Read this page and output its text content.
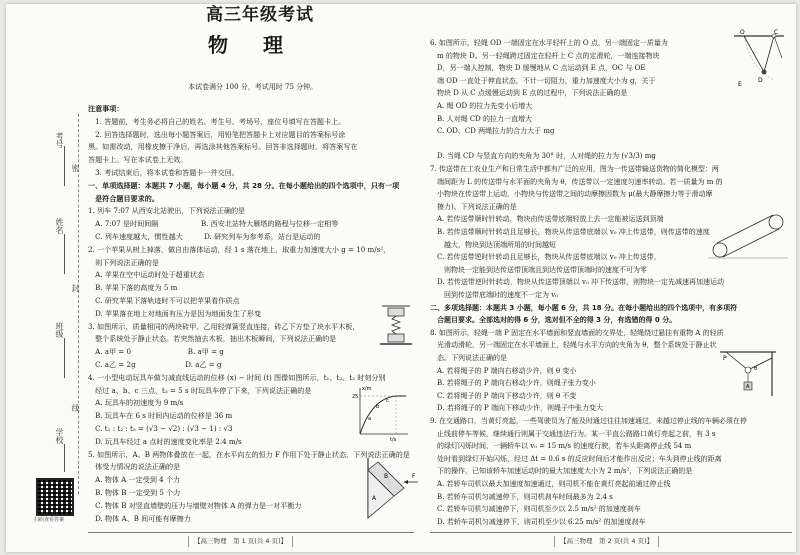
密
封
线
考号
姓名
班级
学校
扫码查看答案
高三年级考试
物 理
本试卷满分 100 分，考试用时 75 分钟。
注意事项：
　1. 答题前，考生务必将自己的姓名、考生号、考场号、座位号填写在答题卡上。
　2. 回答选择题时，选出每小题答案后，用铅笔把答题卡上对应题目的答案标号涂
黑。如需改动，用橡皮擦干净后，再选涂其他答案标号。回答非选择题时，将答案写在
答题卡上。写在本试卷上无效。
　3. 考试结束后，将本试卷和答题卡一并交回。
一、单项选择题：本题共 7 小题，每小题 4 分，共 28 分。在每小题给出的四个选项中，只有一项
　是符合题目要求的。
1. 列车 7:07 从西安北站驶出，下列说法正确的是
　A. 7:07 是时间间隔　　　　　　B. 西安北站特大雁塔的路程与位移一定相等
　C. 列车速度越大，惯性越大　　　D. 研究列车为参考系，站台是运动的
2. 一个苹果从树上掉落，做自由落体运动，经 1 s 落在地上，取重力加速度大小 g = 10 m/s²，
　则下列说法正确的是
　A. 苹果在空中运动时处于超重状态
　B. 苹果下落的高度为 5 m
　C. 研究苹果下落轨迹时不可以把苹果看作质点
　D. 苹果落在地上对地面有压力是因为地面发生了形变
3. 如图所示，质量相同的两块砖甲、乙用轻弹簧竖直连接，砖乙下方垫了块水平木板，
　整个系统处于静止状态。若突然抽去木板，抽出木板瞬间，下列说法正确的是
　A. a甲 = 0　　　　　　　　B. a甲 = g
　C. a乙 = 2g　　　　　　　D. a乙 = g
4. 一小型电动玩具车做匀减直线运动的位移 (x) − 时间 (t) 图像如图所示，t₁、t₂、t₃ 时刻分别
　经过 a、b、c 三点，t₃ = 5 s 时玩具车停了下来，下列说法正确的是
　A. 玩具车的初速度为 9 m/s
　B. 玩具车在 6 s 时间内运动的位移是 36 m
　C. t₁ : t₂ : t₃ = (√3 − √2) : (√3 − 1) : √3
　D. 玩具车经过 a 点时的速度变化率是 2.4 m/s
5. 如图所示，A、B 两物体叠放在一起，在水平向左的恒力 F 作用下处于静止状态，下列说法正确的是
　体受力情况的说法正确的是
　A. 物体 A 一定受到 4 个力
　B. 物体 B 一定受到 5 个力
　C. 物体 B 对竖直墙壁的压力与墙壁对物体 A 的弹力是一对平衡力
　D. 物体 A、B 间可能有摩擦力
t/s
x/m
25
a
b
c
A
B	F
【高三物理　第 1 页(共 4 页)】
6. 如图所示，轻绳 OD 一端固定在水平轻杆上的 O 点，另一端固定一质量为
　m 的物块 D。另一轻绳跨过固定在轻杆上 C 点的定滑轮，一端连接物块
　D，另一端人控制，物块 D 缓慢地从 C 点运动到 E 点，OC 与 OE
　端 OD 一直处于伸直状态，不计一切阻力，重力加速度大小为 g，关于
　物块 D 从 C 点缓慢运动到 E 点的过程中，下列说法正确的是
　A. 绳 OD 的拉力先变小后增大
　B. 人对绳 CD 的拉力一直增大
　C. OD、CD 两绳拉力的合力大于 mg
　D. 当绳 CD 与竖直方向的夹角为 30° 时，人对绳的拉力为 (√3/3) mg
7. 传送带在工农业生产和日常生活中都有广泛的应用，图为一传送带输送货物的简化模型：两
　端间距为 L 的传送带与水平面的夹角为 θ，传送带以一定速度匀速率转动。若一质量为 m 的
　小物块在传送带上运动，小物块与传送带之间的动摩擦因数为 μ(最大静摩擦力等于滑动摩
　擦力)。下列说法正确的是
　A. 若传送带顺时针转动，物块由传送带底端轻放上去一定能被运送到顶端
　B. 若传送带顺时针转动且足够长，物块从传送带底端以 v₀ 冲上传送带，则传送带的速度
　　越大，物块到达顶端所用的时间越短
　C. 若传送带逆时针转动且足够长，物块从传送带底端以 v₀ 冲上传送带，
　　则物块一定能到达传送带顶端且到达传送带顶端时的速度不可为零
　D. 若传送带逆时针转动，物块从传送带顶端以 v₀ 冲下传送带，则物块一定先减速再加速运动
　　回到传送带底端时的速度不一定为 v₀
二、多项选择题：本题共 3 小题，每小题 6 分，共 18 分。在每小题给出的四个选项中，有多项符
　合题目要求。全部选对的得 6 分，选对但不全的得 3 分，有选错的得 0 分。
8. 如图所示，轻绳一端 P 固定在水平墙面和竖直墙面的交界处，轻绳绕过悬挂有重物 A 的轻质
　光滑动滑轮，另一端固定在水平墙面上，轻绳与水平方向的夹角为 θ，整个系统处于静止状
　态。下列说法正确的是
　A. 若将绳子的 P 端向右移动少许，则 θ 变小
　B. 若将绳子的 P 端向右移动少许，则绳子张力变小
　C. 若将绳子的 P 端向下移动少许，则 θ 不变
　D. 若将绳子的 P 端向下移动少许，则绳子中张力变大
9. 在交通路口，当黄灯亮起，一些驾驶员为了能及时通过往往加速通过，未越过停止线的车辆必须在停
　止线前停车等候，继续通行则属于交通违法行为。某一平直公路路口黄灯亮起之前，有 3 s
　的绿灯闪烁时间，一辆轿车以 v₀ = 15 m/s 的速度行驶，若车头距离停止线 54 m
　处时看到绿灯开始闪烁，经过 Δt = 0.6 s 的反应时间后才能作出反应；车头到停止线的距离
　下的操作，已知该轿车加速运动时的最大加速度大小为 2 m/s²，下列说法正确的是
　A. 若轿车司机以最大加速度加速通过，则司机不能在黄灯亮起前通过停止线
　B. 若轿车司机匀减速停下，则司机刹车时间最多为 2.4 s
　C. 若轿车司机匀减速停下，则司机至少以 2.5 m/s² 的加速度刹车
　D. 若轿车司机匀减速停下，则司机至少以 6.25 m/s² 的加速度刹车
O	C
E
D
P
θ
A
【高三物理　第 2 页(共 4 页)】
